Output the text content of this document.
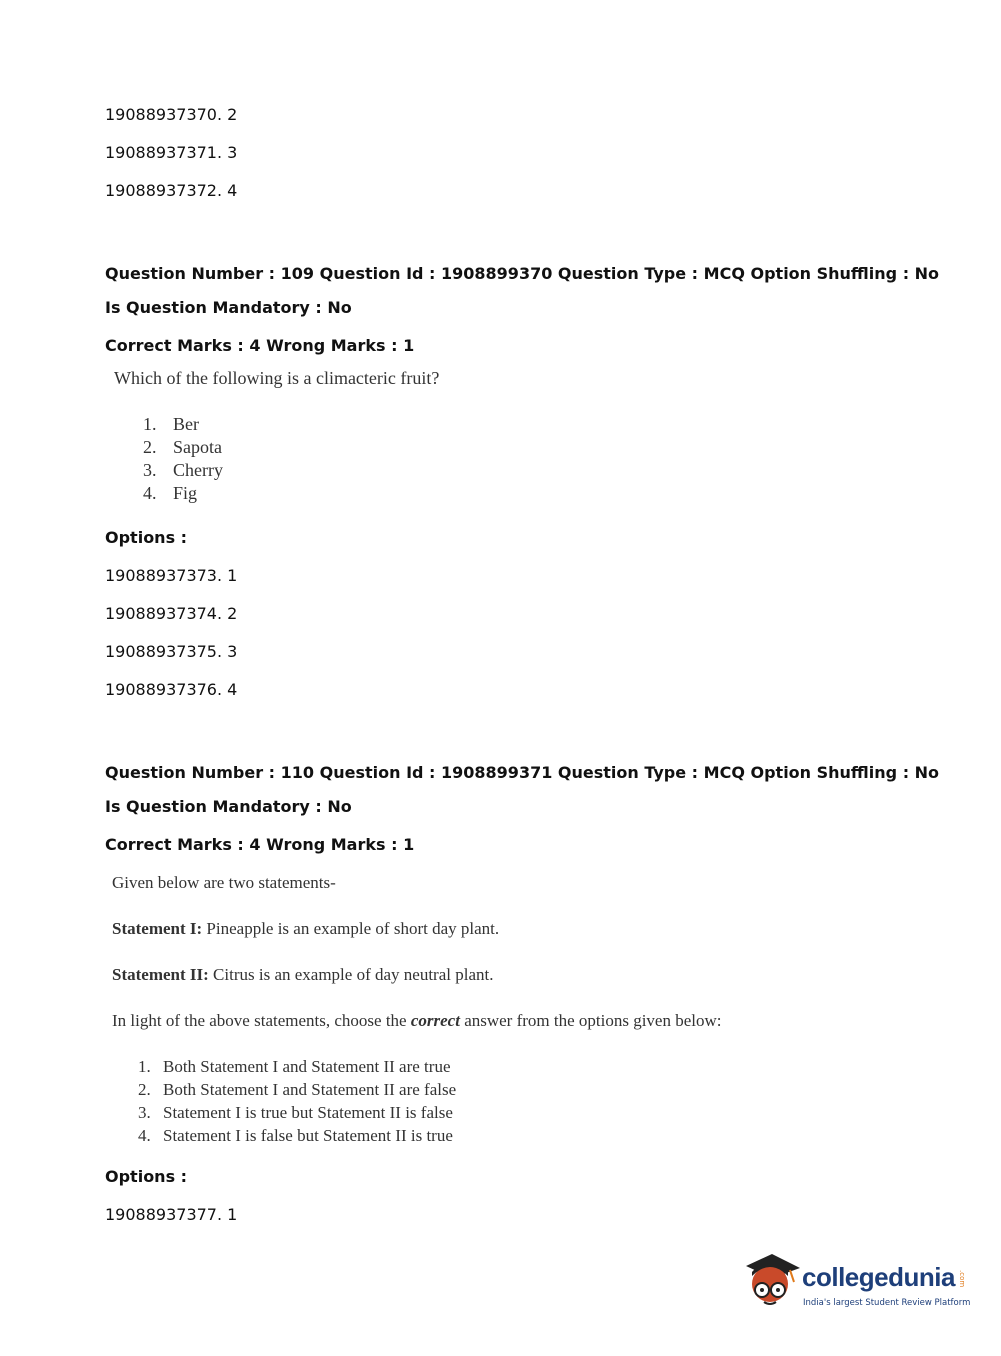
19088937370. 2
19088937371. 3
19088937372. 4
Question Number : 109 Question Id : 1908899370 Question Type : MCQ Option Shuffling : No
Is Question Mandatory : No
Correct Marks : 4 Wrong Marks : 1
Which of the following is a climacteric fruit?
1. Ber
2. Sapota
3. Cherry
4. Fig
Options :
19088937373. 1
19088937374. 2
19088937375. 3
19088937376. 4
Question Number : 110 Question Id : 1908899371 Question Type : MCQ Option Shuffling : No
Is Question Mandatory : No
Correct Marks : 4 Wrong Marks : 1
Given below are two statements-
Statement I: Pineapple is an example of short day plant.
Statement II: Citrus is an example of day neutral plant.
In light of the above statements, choose the correct answer from the options given below:
1. Both Statement I and Statement II are true
2. Both Statement I and Statement II are false
3. Statement I is true but Statement II is false
4. Statement I is false but Statement II is true
Options :
19088937377. 1
collegedunia .com
India's largest Student Review Platform
